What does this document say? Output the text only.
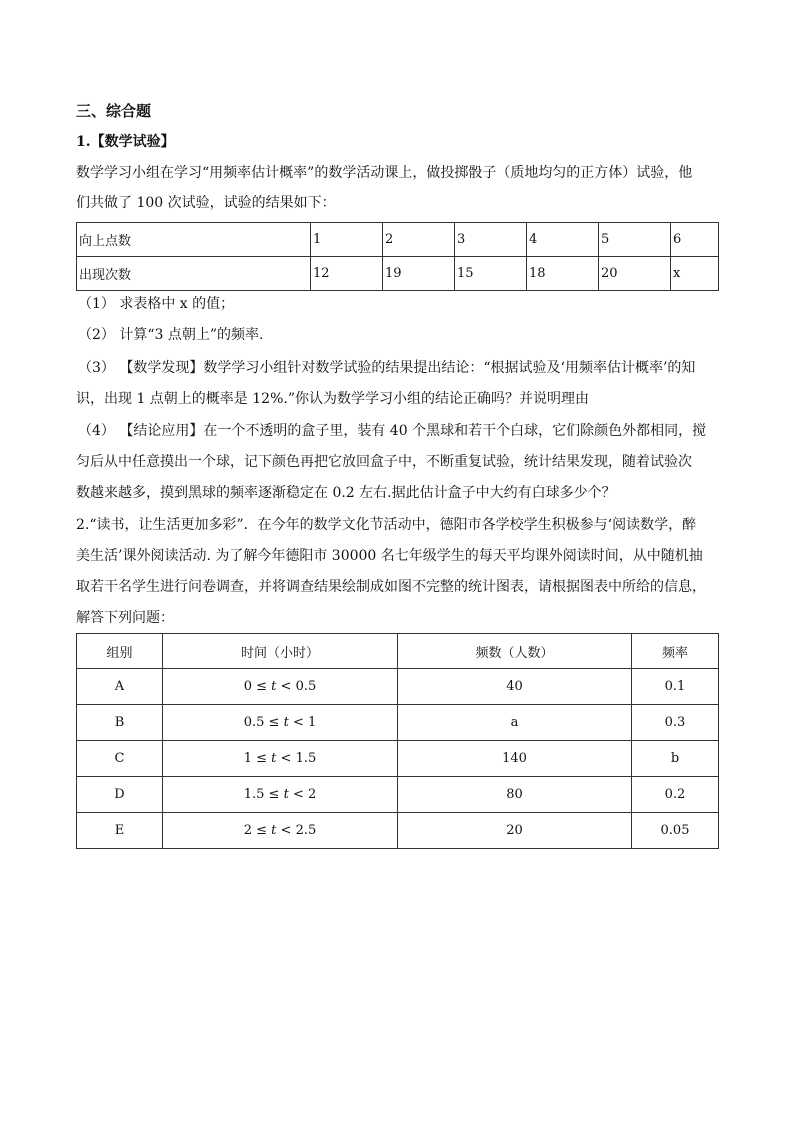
三、综合题
1.【数学试验】
数学学习小组在学习“用频率估计概率”的数学活动课上，做投掷骰子（质地均匀的正方体）试验，他
们共做了 100 次试验，试验的结果如下：
向上点数	1	2	3	4	5	6
出现次数	12	19	15	18	20	x
（1） 求表格中 x 的值；
（2） 计算“3 点朝上”的频率.
（3） 【数学发现】数学学习小组针对数学试验的结果提出结论：“根据试验及‘用频率估计概率’的知
识，出现 1 点朝上的概率是 12%.”你认为数学学习小组的结论正确吗？并说明理由
（4） 【结论应用】在一个不透明的盒子里，装有 40 个黑球和若干个白球，它们除颜色外都相同，搅
匀后从中任意摸出一个球，记下颜色再把它放回盒子中，不断重复试验，统计结果发现，随着试验次
数越来越多，摸到黑球的频率逐渐稳定在 0.2 左右.据此估计盒子中大约有白球多少个？
2.“读书，让生活更加多彩”．在今年的数学文化节活动中，德阳市各学校学生积极参与‘阅读数学，醉
美生活’课外阅读活动. 为了解今年德阳市 30000 名七年级学生的每天平均课外阅读时间，从中随机抽
取若干名学生进行问卷调查，并将调查结果绘制成如图不完整的统计图表，请根据图表中所给的信息，
解答下列问题：
组别	时间（小时）	频数（人数）	频率
A	0 ≤ t < 0.5	40	0.1
B	0.5 ≤ t < 1	a	0.3
C	1 ≤ t < 1.5	140	b
D	1.5 ≤ t < 2	80	0.2
E	2 ≤ t < 2.5	20	0.05
